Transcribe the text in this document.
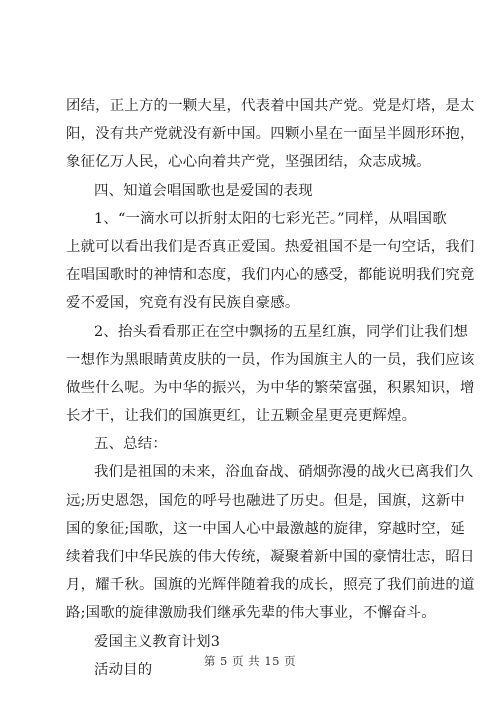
团结，正上方的一颗大星，代表着中国共产党。党是灯塔，是太
阳，没有共产党就没有新中国。四颗小星在一面呈半圆形环抱，
象征亿万人民，心心向着共产党，坚强团结，众志成城。
四、知道会唱国歌也是爱国的表现
1、“一滴水可以折射太阳的七彩光芒。”同样，从唱国歌
上就可以看出我们是否真正爱国。热爱祖国不是一句空话，我们
在唱国歌时的神情和态度，我们内心的感受，都能说明我们究竟
爱不爱国，究竟有没有民族自豪感。
2、抬头看看那正在空中飘扬的五星红旗，同学们让我们想
一想作为黑眼睛黄皮肤的一员，作为国旗主人的一员，我们应该
做些什么呢。为中华的振兴，为中华的繁荣富强，积累知识，增
长才干，让我们的国旗更红，让五颗金星更亮更辉煌。
五、总结：
我们是祖国的未来，浴血奋战、硝烟弥漫的战火已离我们久
远;历史恩怨，国危的呼号也融进了历史。但是，国旗，这新中
国的象征;国歌，这一中国人心中最激越的旋律，穿越时空，延
续着我们中华民族的伟大传统，凝聚着新中国的豪情壮志，昭日
月，耀千秋。国旗的光辉伴随着我的成长，照亮了我们前进的道
路;国歌的旋律激励我们继承先辈的伟大事业，不懈奋斗。
爱国主义教育计划3
活动目的
第 5 页 共 15 页
